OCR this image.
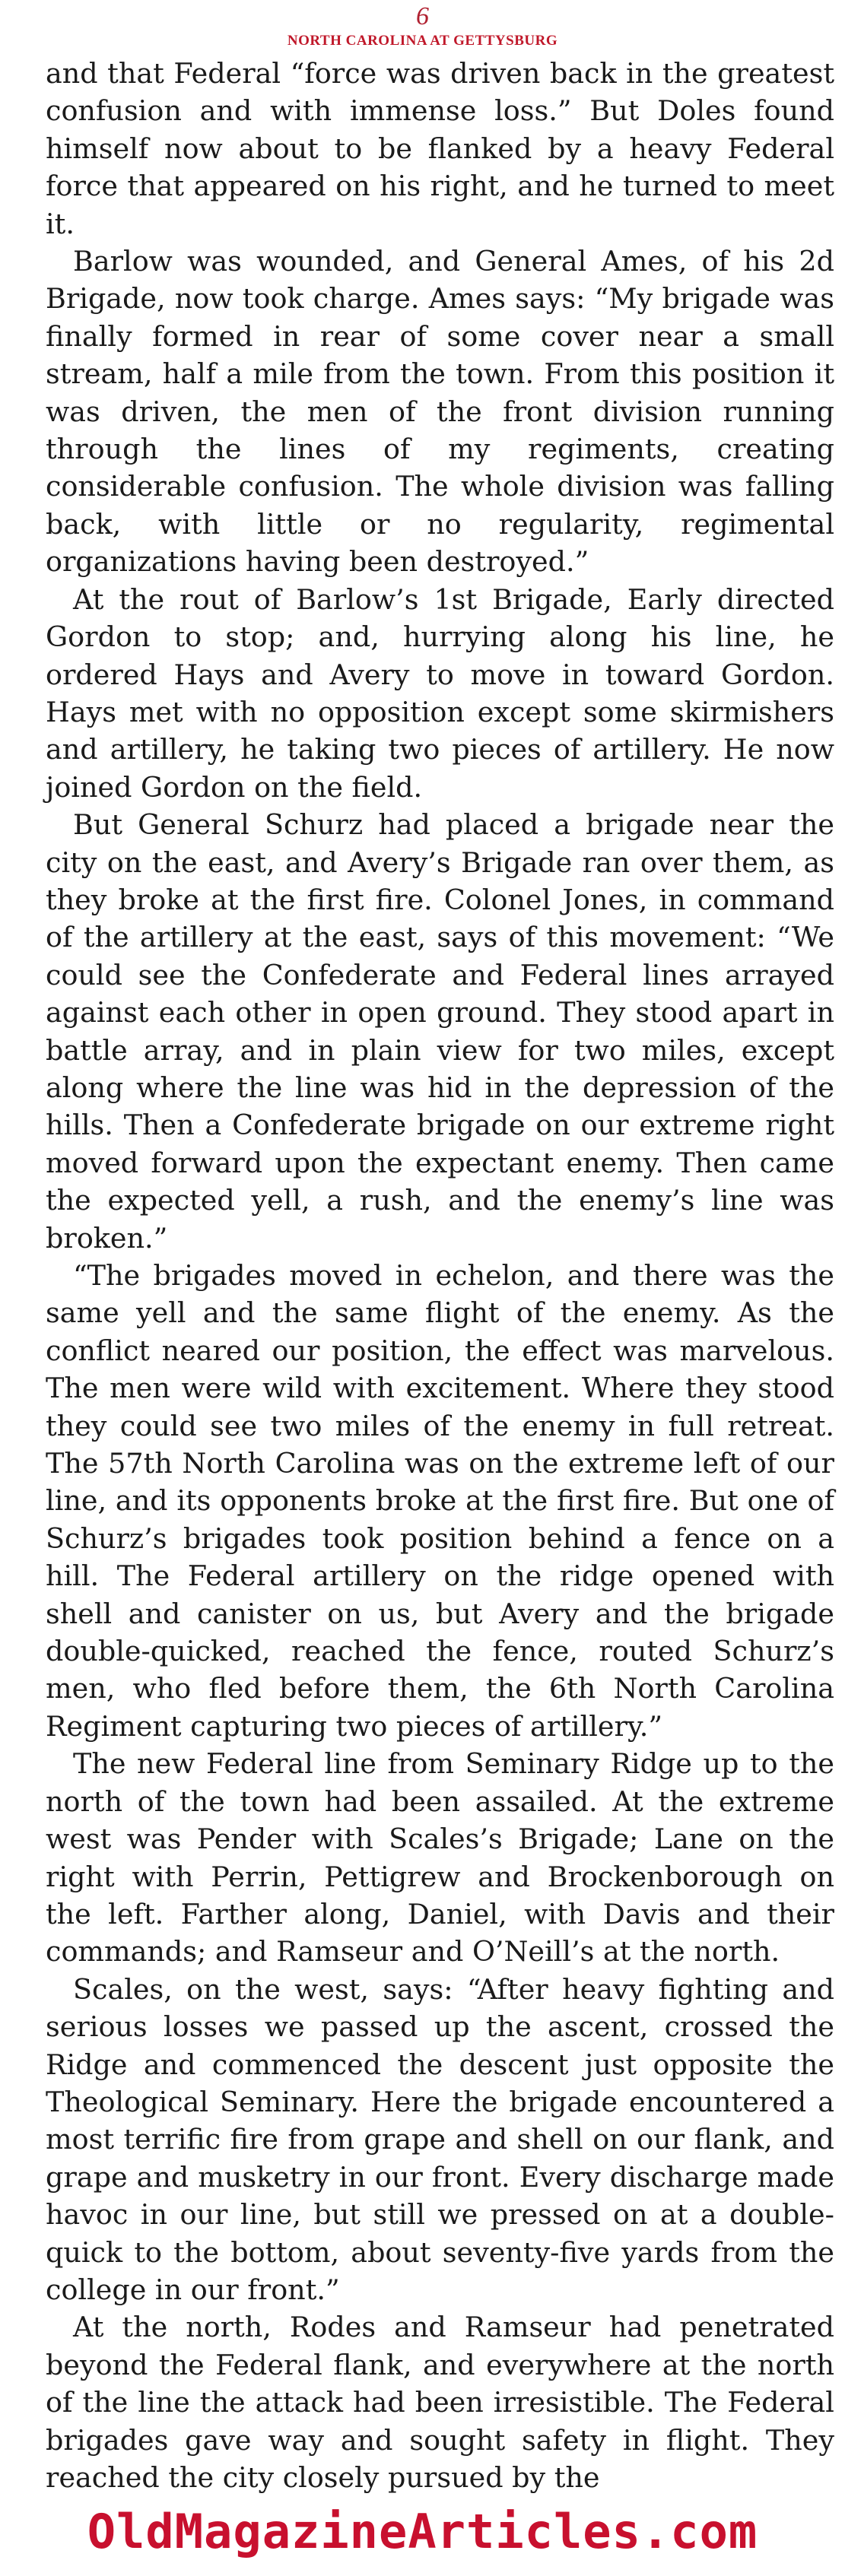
6
NORTH CAROLINA AT GETTYSBURG

and that Federal “force was driven back in the greatest confusion and with immense loss.” But Doles found himself now about to be flanked by a heavy Federal force that appeared on his right, and he turned to meet it.

Barlow was wounded, and General Ames, of his 2d Brigade, now took charge. Ames says: “My brigade was finally formed in rear of some cover near a small stream, half a mile from the town. From this position it was driven, the men of the front division running through the lines of my regiments, creating considerable confusion. The whole division was falling back, with little or no regularity, regimental organizations having been destroyed.”

At the rout of Barlow’s 1st Brigade, Early directed Gordon to stop; and, hurrying along his line, he ordered Hays and Avery to move in toward Gordon. Hays met with no opposition except some skirmishers and artillery, he taking two pieces of artillery. He now joined Gordon on the field.

But General Schurz had placed a brigade near the city on the east, and Avery’s Brigade ran over them, as they broke at the first fire. Colonel Jones, in command of the artillery at the east, says of this movement: “We could see the Confederate and Federal lines arrayed against each other in open ground. They stood apart in battle array, and in plain view for two miles, except along where the line was hid in the depression of the hills. Then a Confederate brigade on our extreme right moved forward upon the expectant enemy. Then came the expected yell, a rush, and the enemy’s line was broken.”

“The brigades moved in echelon, and there was the same yell and the same flight of the enemy. As the conflict neared our position, the effect was marvelous. The men were wild with excitement. Where they stood they could see two miles of the enemy in full retreat. The 57th North Carolina was on the extreme left of our line, and its opponents broke at the first fire. But one of Schurz’s brigades took position behind a fence on a hill. The Federal artillery on the ridge opened with shell and canister on us, but Avery and the brigade double-quicked, reached the fence, routed Schurz’s men, who fled before them, the 6th North Carolina Regiment capturing two pieces of artillery.”

The new Federal line from Seminary Ridge up to the north of the town had been assailed. At the extreme west was Pender with Scales’s Brigade; Lane on the right with Perrin, Pettigrew and Brockenborough on the left. Farther along, Daniel, with Davis and their commands; and Ramseur and O’Neill’s at the north.

Scales, on the west, says: “After heavy fighting and serious losses we passed up the ascent, crossed the Ridge and commenced the descent just opposite the Theological Seminary. Here the brigade encountered a most terrific fire from grape and shell on our flank, and grape and musketry in our front. Every discharge made havoc in our line, but still we pressed on at a double-quick to the bottom, about seventy-five yards from the college in our front.”

At the north, Rodes and Ramseur had penetrated beyond the Federal flank, and everywhere at the north of the line the attack had been irresistible. The Federal brigades gave way and sought safety in flight. They reached the city closely pursued by the

OldMagazineArticles.com
